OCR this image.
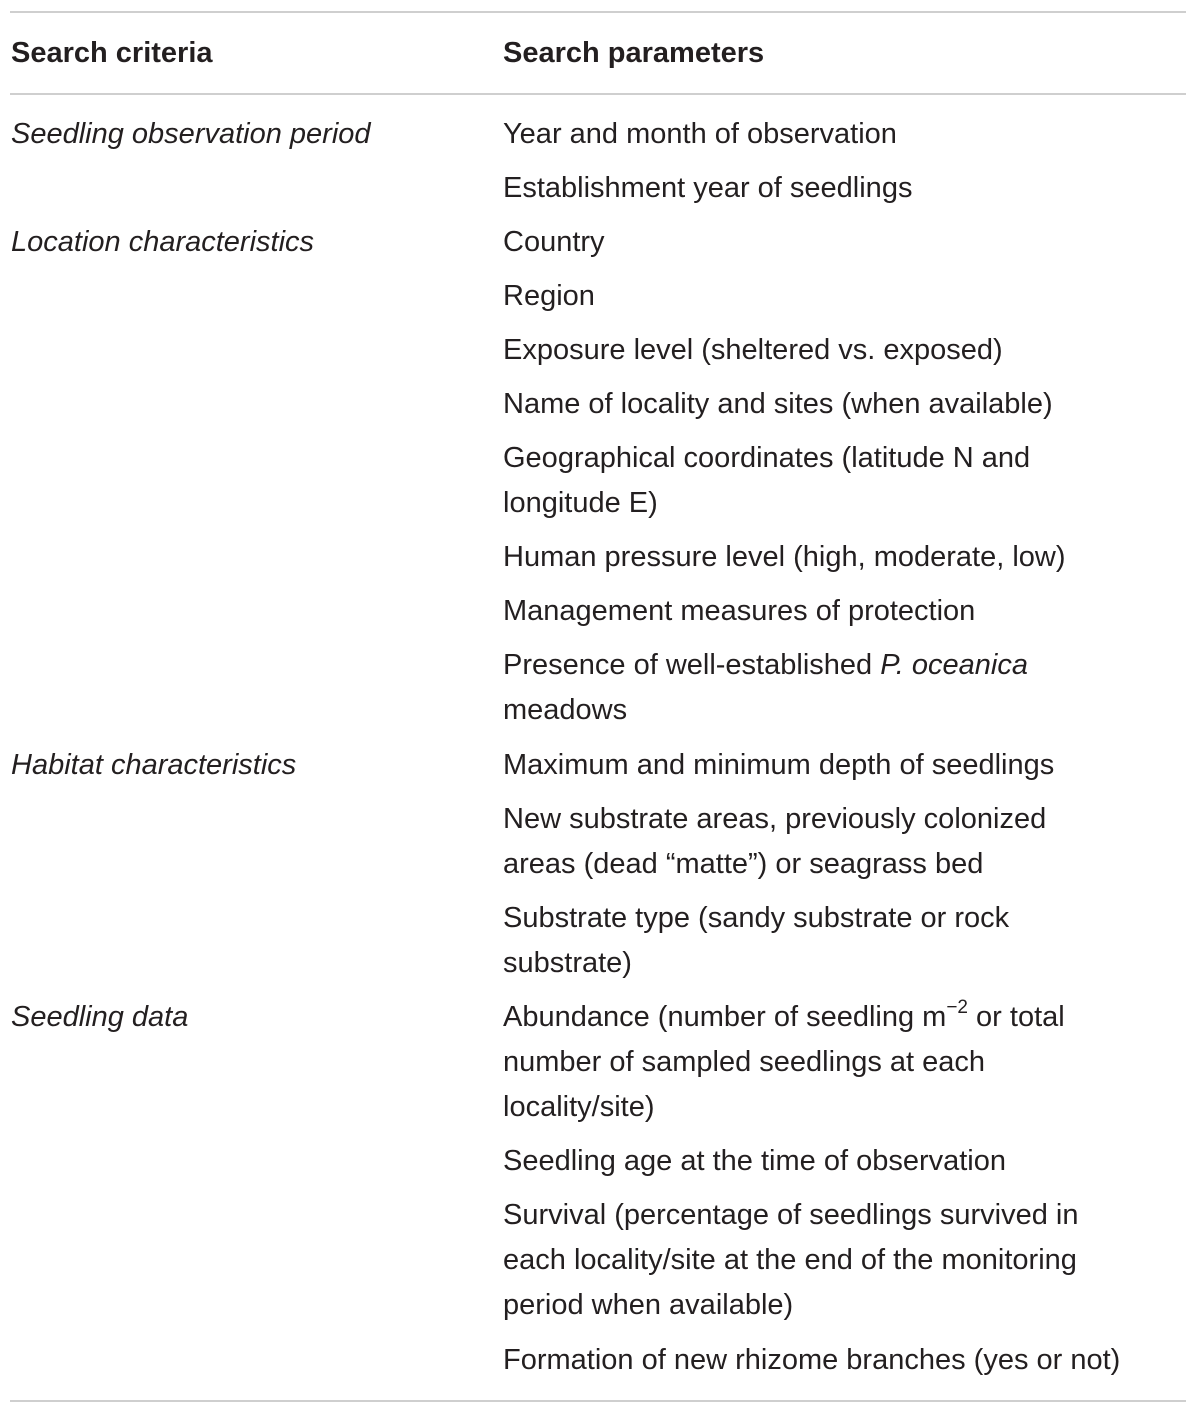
Search criteria	Search parameters
Seedling observation period
Location characteristics
Habitat characteristics
Seedling data
Year and month of observation
Establishment year of seedlings
Country
Region
Exposure level (sheltered vs. exposed)
Name of locality and sites (when available)
Geographical coordinates (latitude N and
longitude E)
Human pressure level (high, moderate, low)
Management measures of protection
Presence of well-established P. oceanica
meadows
Maximum and minimum depth of seedlings
New substrate areas, previously colonized
areas (dead “matte”) or seagrass bed
Substrate type (sandy substrate or rock
substrate)
Abundance (number of seedling $m^{-2}$ or total
number of sampled seedlings at each
locality/site)
Seedling age at the time of observation
Survival (percentage of seedlings survived in
each locality/site at the end of the monitoring
period when available)
Formation of new rhizome branches (yes or not)
